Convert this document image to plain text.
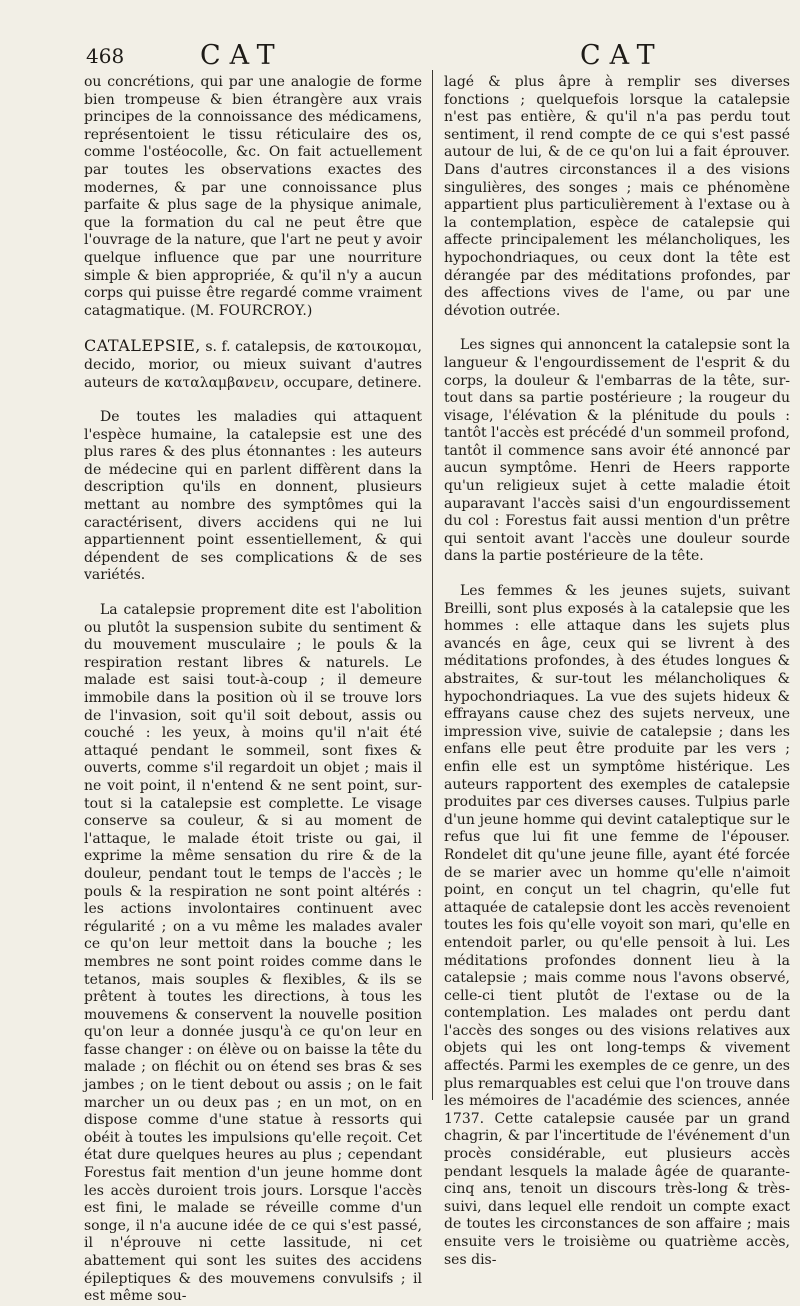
468	CAT	CAT

ou concrétions, qui par une analogie de forme bien trompeuse & bien étrangère aux vrais principes de la connoissance des médicamens, représentoient le tissu réticulaire des os, comme l'ostéocolle, &c. On fait actuellement par toutes les observations exactes des modernes, & par une connoissance plus parfaite & plus sage de la physique animale, que la formation du cal ne peut être que l'ouvrage de la nature, que l'art ne peut y avoir quelque influence que par une nourriture simple & bien appropriée, & qu'il n'y a aucun corps qui puisse être regardé comme vraiment catagmatique. (M. FOURCROY.)

CATALEPSIE, s. f. catalepsis, de κατοικομαι, decido, morior, ou mieux suivant d'autres auteurs de καταλαμβανειν, occupare, detinere.

De toutes les maladies qui attaquent l'espèce humaine, la catalepsie est une des plus rares & des plus étonnantes : les auteurs de médecine qui en parlent diffèrent dans la description qu'ils en donnent, plusieurs mettant au nombre des symptômes qui la caractérisent, divers accidens qui ne lui appartiennent point essentiellement, & qui dépendent de ses complications & de ses variétés.

La catalepsie proprement dite est l'abolition ou plutôt la suspension subite du sentiment & du mouvement musculaire ; le pouls & la respiration restant libres & naturels. Le malade est saisi tout-à-coup ; il demeure immobile dans la position où il se trouve lors de l'invasion, soit qu'il soit debout, assis ou couché : les yeux, à moins qu'il n'ait été attaqué pendant le sommeil, sont fixes & ouverts, comme s'il regardoit un objet ; mais il ne voit point, il n'entend & ne sent point, sur-tout si la catalepsie est complette. Le visage conserve sa couleur, & si au moment de l'attaque, le malade étoit triste ou gai, il exprime la même sensation du rire & de la douleur, pendant tout le temps de l'accès ; le pouls & la respiration ne sont point altérés : les actions involontaires continuent avec régularité ; on a vu même les malades avaler ce qu'on leur mettoit dans la bouche ; les membres ne sont point roides comme dans le tetanos, mais souples & flexibles, & ils se prêtent à toutes les directions, à tous les mouvemens & conservent la nouvelle position qu'on leur a donnée jusqu'à ce qu'on leur en fasse changer : on élève ou on baisse la tête du malade ; on fléchit ou on étend ses bras & ses jambes ; on le tient debout ou assis ; on le fait marcher un ou deux pas ; en un mot, on en dispose comme d'une statue à ressorts qui obéit à toutes les impulsions qu'elle reçoit. Cet état dure quelques heures au plus ; cependant Forestus fait mention d'un jeune homme dont les accès duroient trois jours. Lorsque l'accès est fini, le malade se réveille comme d'un songe, il n'a aucune idée de ce qui s'est passé, il n'éprouve ni cette lassitude, ni cet abattement qui sont les suites des accidens épileptiques & des mouvemens convulsifs ; il est même sou-

lagé & plus âpre à remplir ses diverses fonctions ; quelquefois lorsque la catalepsie n'est pas entière, & qu'il n'a pas perdu tout sentiment, il rend compte de ce qui s'est passé autour de lui, & de ce qu'on lui a fait éprouver. Dans d'autres circonstances il a des visions singulières, des songes ; mais ce phénomène appartient plus particulièrement à l'extase ou à la contemplation, espèce de catalepsie qui affecte principalement les mélancholiques, les hypochondriaques, ou ceux dont la tête est dérangée par des méditations profondes, par des affections vives de l'ame, ou par une dévotion outrée.

Les signes qui annoncent la catalepsie sont la langueur & l'engourdissement de l'esprit & du corps, la douleur & l'embarras de la tête, sur-tout dans sa partie postérieure ; la rougeur du visage, l'élévation & la plénitude du pouls : tantôt l'accès est précédé d'un sommeil profond, tantôt il commence sans avoir été annoncé par aucun symptôme. Henri de Heers rapporte qu'un religieux sujet à cette maladie étoit auparavant l'accès saisi d'un engourdissement du col : Forestus fait aussi mention d'un prêtre qui sentoit avant l'accès une douleur sourde dans la partie postérieure de la tête.

Les femmes & les jeunes sujets, suivant Breilli, sont plus exposés à la catalepsie que les hommes : elle attaque dans les sujets plus avancés en âge, ceux qui se livrent à des méditations profondes, à des études longues & abstraites, & sur-tout les mélancholiques & hypochondriaques. La vue des sujets hideux & effrayans cause chez des sujets nerveux, une impression vive, suivie de catalepsie ; dans les enfans elle peut être produite par les vers ; enfin elle est un symptôme histérique. Les auteurs rapportent des exemples de catalepsie produites par ces diverses causes. Tulpius parle d'un jeune homme qui devint cataleptique sur le refus que lui fit une femme de l'épouser. Rondelet dit qu'une jeune fille, ayant été forcée de se marier avec un homme qu'elle n'aimoit point, en conçut un tel chagrin, qu'elle fut attaquée de catalepsie dont les accès revenoient toutes les fois qu'elle voyoit son mari, qu'elle en entendoit parler, ou qu'elle pensoit à lui. Les méditations profondes donnent lieu à la catalepsie ; mais comme nous l'avons observé, celle-ci tient plutôt de l'extase ou de la contemplation. Les malades ont perdu dant l'accès des songes ou des visions relatives aux objets qui les ont long-temps & vivement affectés. Parmi les exemples de ce genre, un des plus remarquables est celui que l'on trouve dans les mémoires de l'académie des sciences, année 1737. Cette catalepsie causée par un grand chagrin, & par l'incertitude de l'événement d'un procès considérable, eut plusieurs accès pendant lesquels la malade âgée de quarante-cinq ans, tenoit un discours très-long & très-suivi, dans lequel elle rendoit un compte exact de toutes les circonstances de son affaire ; mais ensuite vers le troisième ou quatrième accès, ses dis-
